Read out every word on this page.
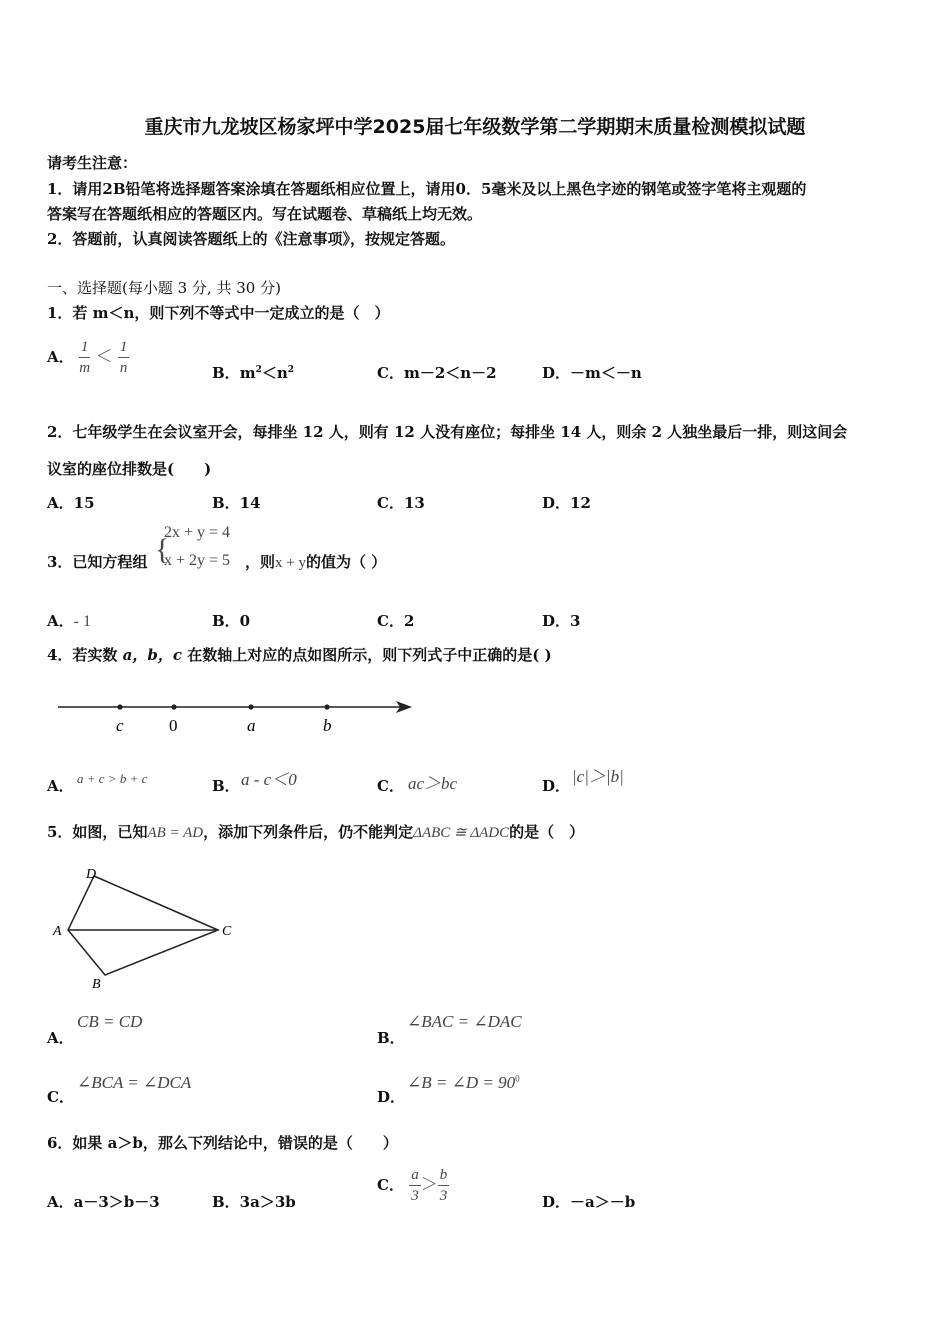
重庆市九龙坡区杨家坪中学2025届七年级数学第二学期期末质量检测模拟试题
请考生注意：
1．请用2B铅笔将选择题答案涂填在答题纸相应位置上，请用0．5毫米及以上黑色字迹的钢笔或签字笔将主观题的
答案写在答题纸相应的答题区内。写在试题卷、草稿纸上均无效。
2．答题前，认真阅读答题纸上的《注意事项》，按规定答题。
一、选择题(每小题 3 分, 共 30 分)
1．若 m＜n，则下列不等式中一定成立的是（　）
A． $\frac{1}{m} < \frac{1}{n}$	B．$m^2<n^2$	C．m－2＜n－2	D．－m＜－n
2．七年级学生在会议室开会，每排坐 12 人，则有 12 人没有座位；每排坐 14 人，则余 2 人独坐最后一排，则这间会
议室的座位排数是(　　)
A．15	B．14	C．13	D．12
3．已知方程组 {
2x + y = 4
x + 2y = 5 ，则x + y的值为（ ）
A．- 1	B．0	C．2	D．3
4．若实数 a，b，c 在数轴上对应的点如图所示，则下列式子中正确的是( )
c	0	a	b
A． a + c > b + c	B． a - c＜0	C． ac＞bc	D． |c|＞|b|
5．如图，已知AB = AD，添加下列条件后，仍不能判定ΔABC ≅ ΔADC的是（　）
D
A	C
B
A．
CB = CD
B．
∠BAC = ∠DAC
C．
∠BCA = ∠DCA
D．
∠B = ∠D = $90^0$
6．如果 a＞b，那么下列结论中，错误的是（　　）
A．a－3＞b－3	B．3a＞3b
C． $\frac{a}{3} > \frac{b}{3}$	D．－a＞－b
